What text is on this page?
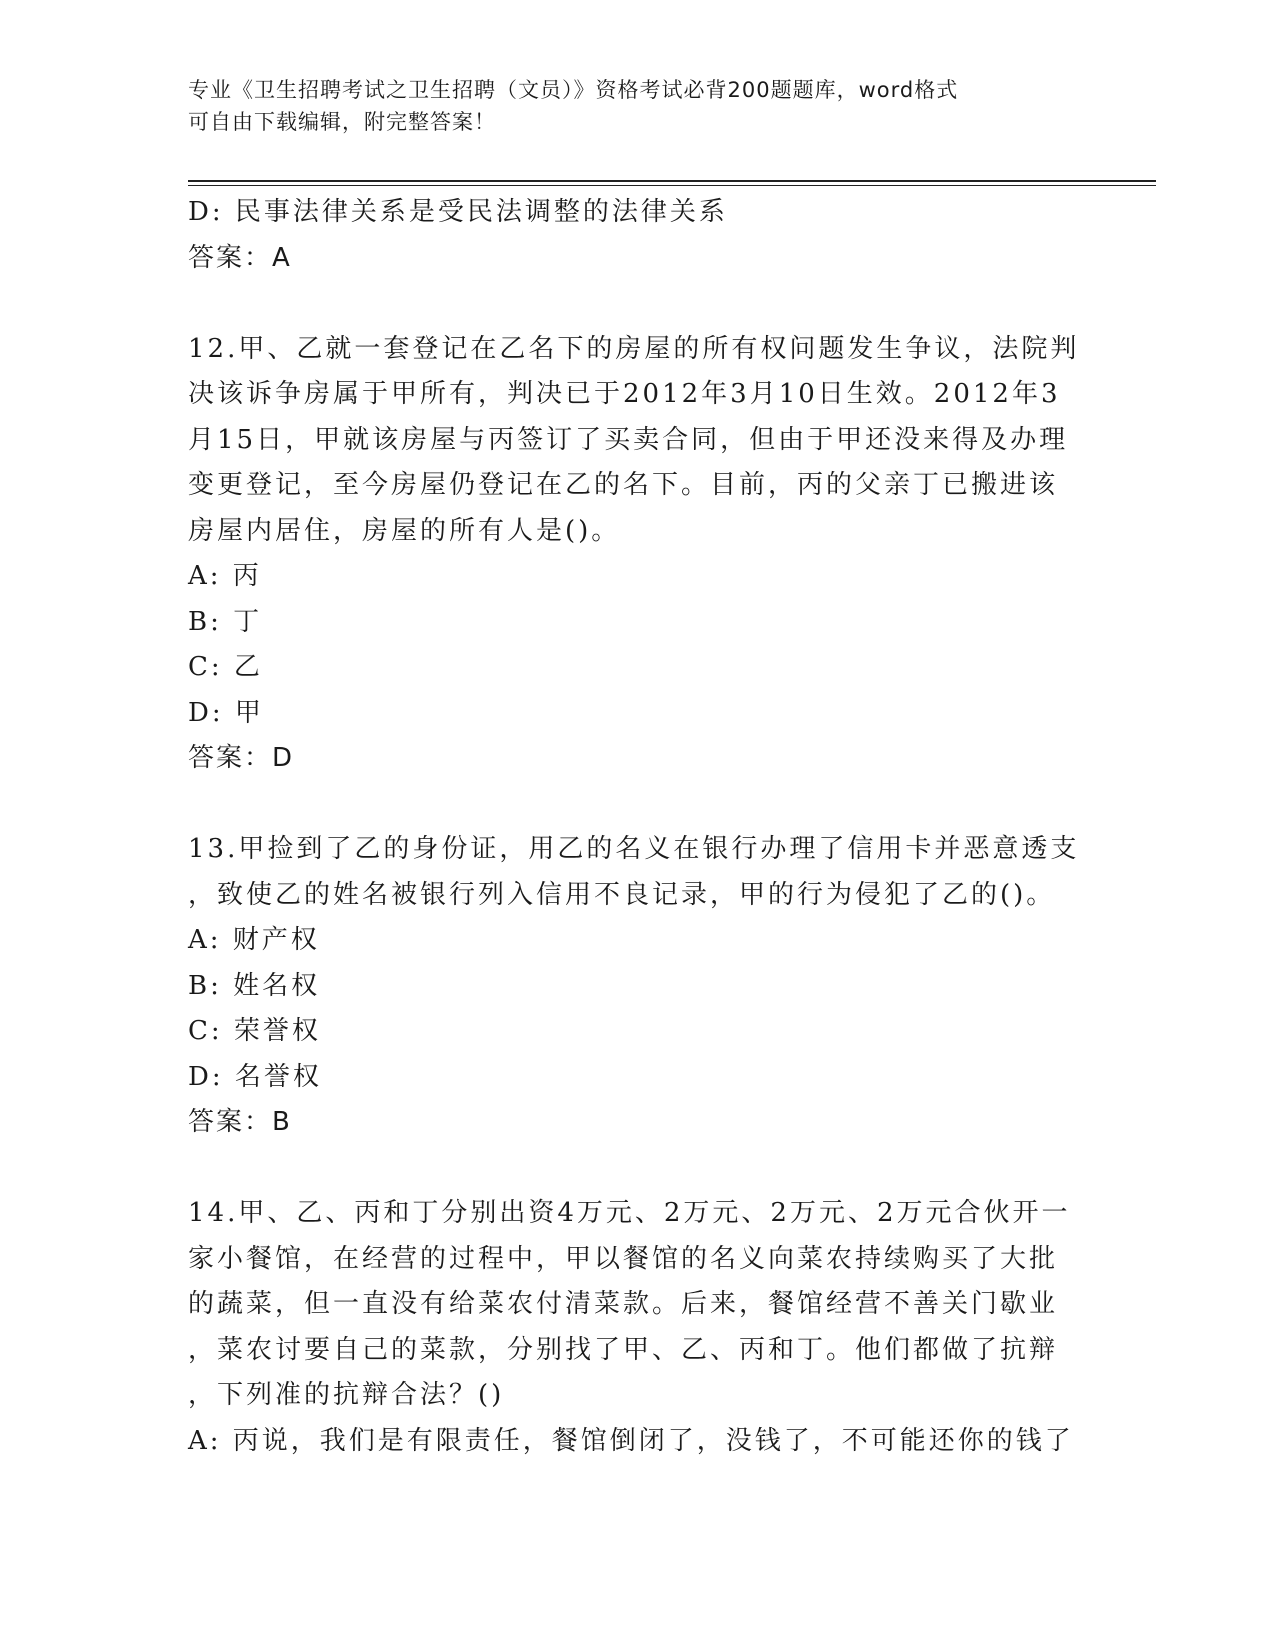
专业《卫生招聘考试之卫生招聘（文员）》资格考试必背200题题库，word格式
可自由下载编辑，附完整答案！
D: 民事法律关系是受民法调整的法律关系
答案：A
12.甲、乙就一套登记在乙名下的房屋的所有权问题发生争议，法院判
决该诉争房属于甲所有，判决已于2012年3月10日生效。2012年3
月15日，甲就该房屋与丙签订了买卖合同，但由于甲还没来得及办理
变更登记，至今房屋仍登记在乙的名下。目前，丙的父亲丁已搬进该
房屋内居住，房屋的所有人是()。
A: 丙
B: 丁
C: 乙
D: 甲
答案：D
13.甲捡到了乙的身份证，用乙的名义在银行办理了信用卡并恶意透支
，致使乙的姓名被银行列入信用不良记录，甲的行为侵犯了乙的()。
A: 财产权
B: 姓名权
C: 荣誉权
D: 名誉权
答案：B
14.甲、乙、丙和丁分别出资4万元、2万元、2万元、2万元合伙开一
家小餐馆，在经营的过程中，甲以餐馆的名义向菜农持续购买了大批
的蔬菜，但一直没有给菜农付清菜款。后来，餐馆经营不善关门歇业
，菜农讨要自己的菜款，分别找了甲、乙、丙和丁。他们都做了抗辩
，下列准的抗辩合法？()
A: 丙说，我们是有限责任，餐馆倒闭了，没钱了，不可能还你的钱了
